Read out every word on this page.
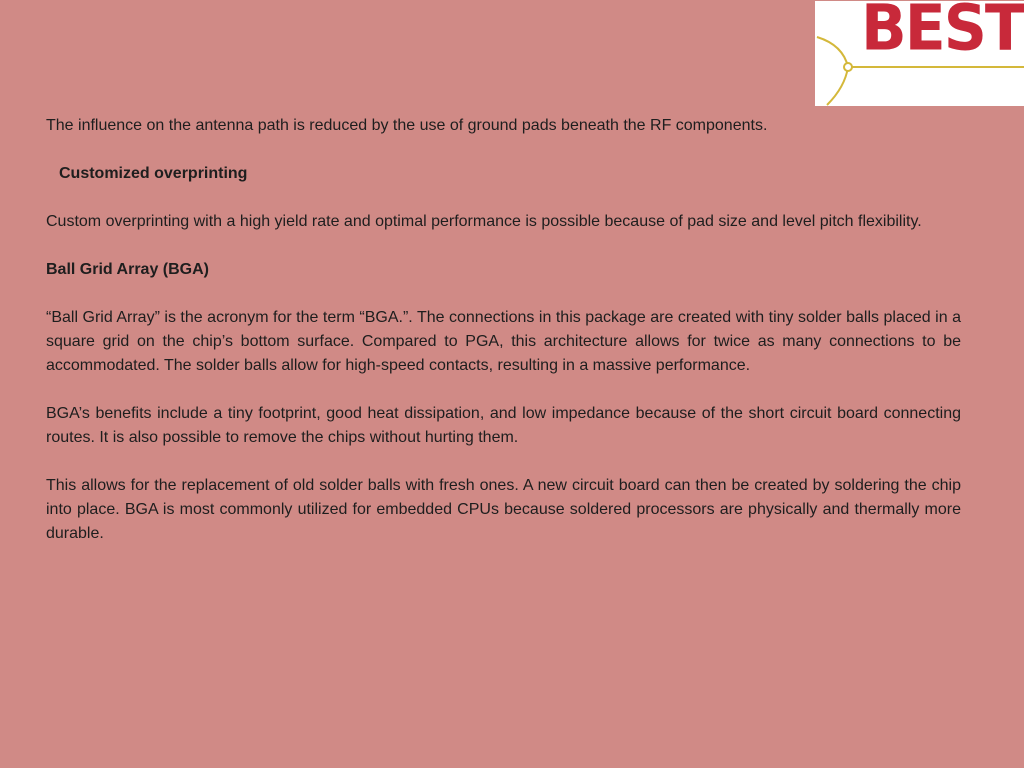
BEST

The influence on the antenna path is reduced by the use of ground pads beneath the RF components.

Customized overprinting

Custom overprinting with a high yield rate and optimal performance is possible because of pad size and level pitch flexibility.

Ball Grid Array (BGA)

“Ball Grid Array” is the acronym for the term “BGA.”. The connections in this package are created with tiny solder balls placed in a square grid on the chip’s bottom surface. Compared to PGA, this architecture allows for twice as many connections to be accommodated. The solder balls allow for high-speed contacts, resulting in a massive performance.

BGA’s benefits include a tiny footprint, good heat dissipation, and low impedance because of the short circuit board connecting routes. It is also possible to remove the chips without hurting them.

This allows for the replacement of old solder balls with fresh ones. A new circuit board can then be created by soldering the chip into place. BGA is most commonly utilized for embedded CPUs because soldered processors are physically and thermally more durable.
